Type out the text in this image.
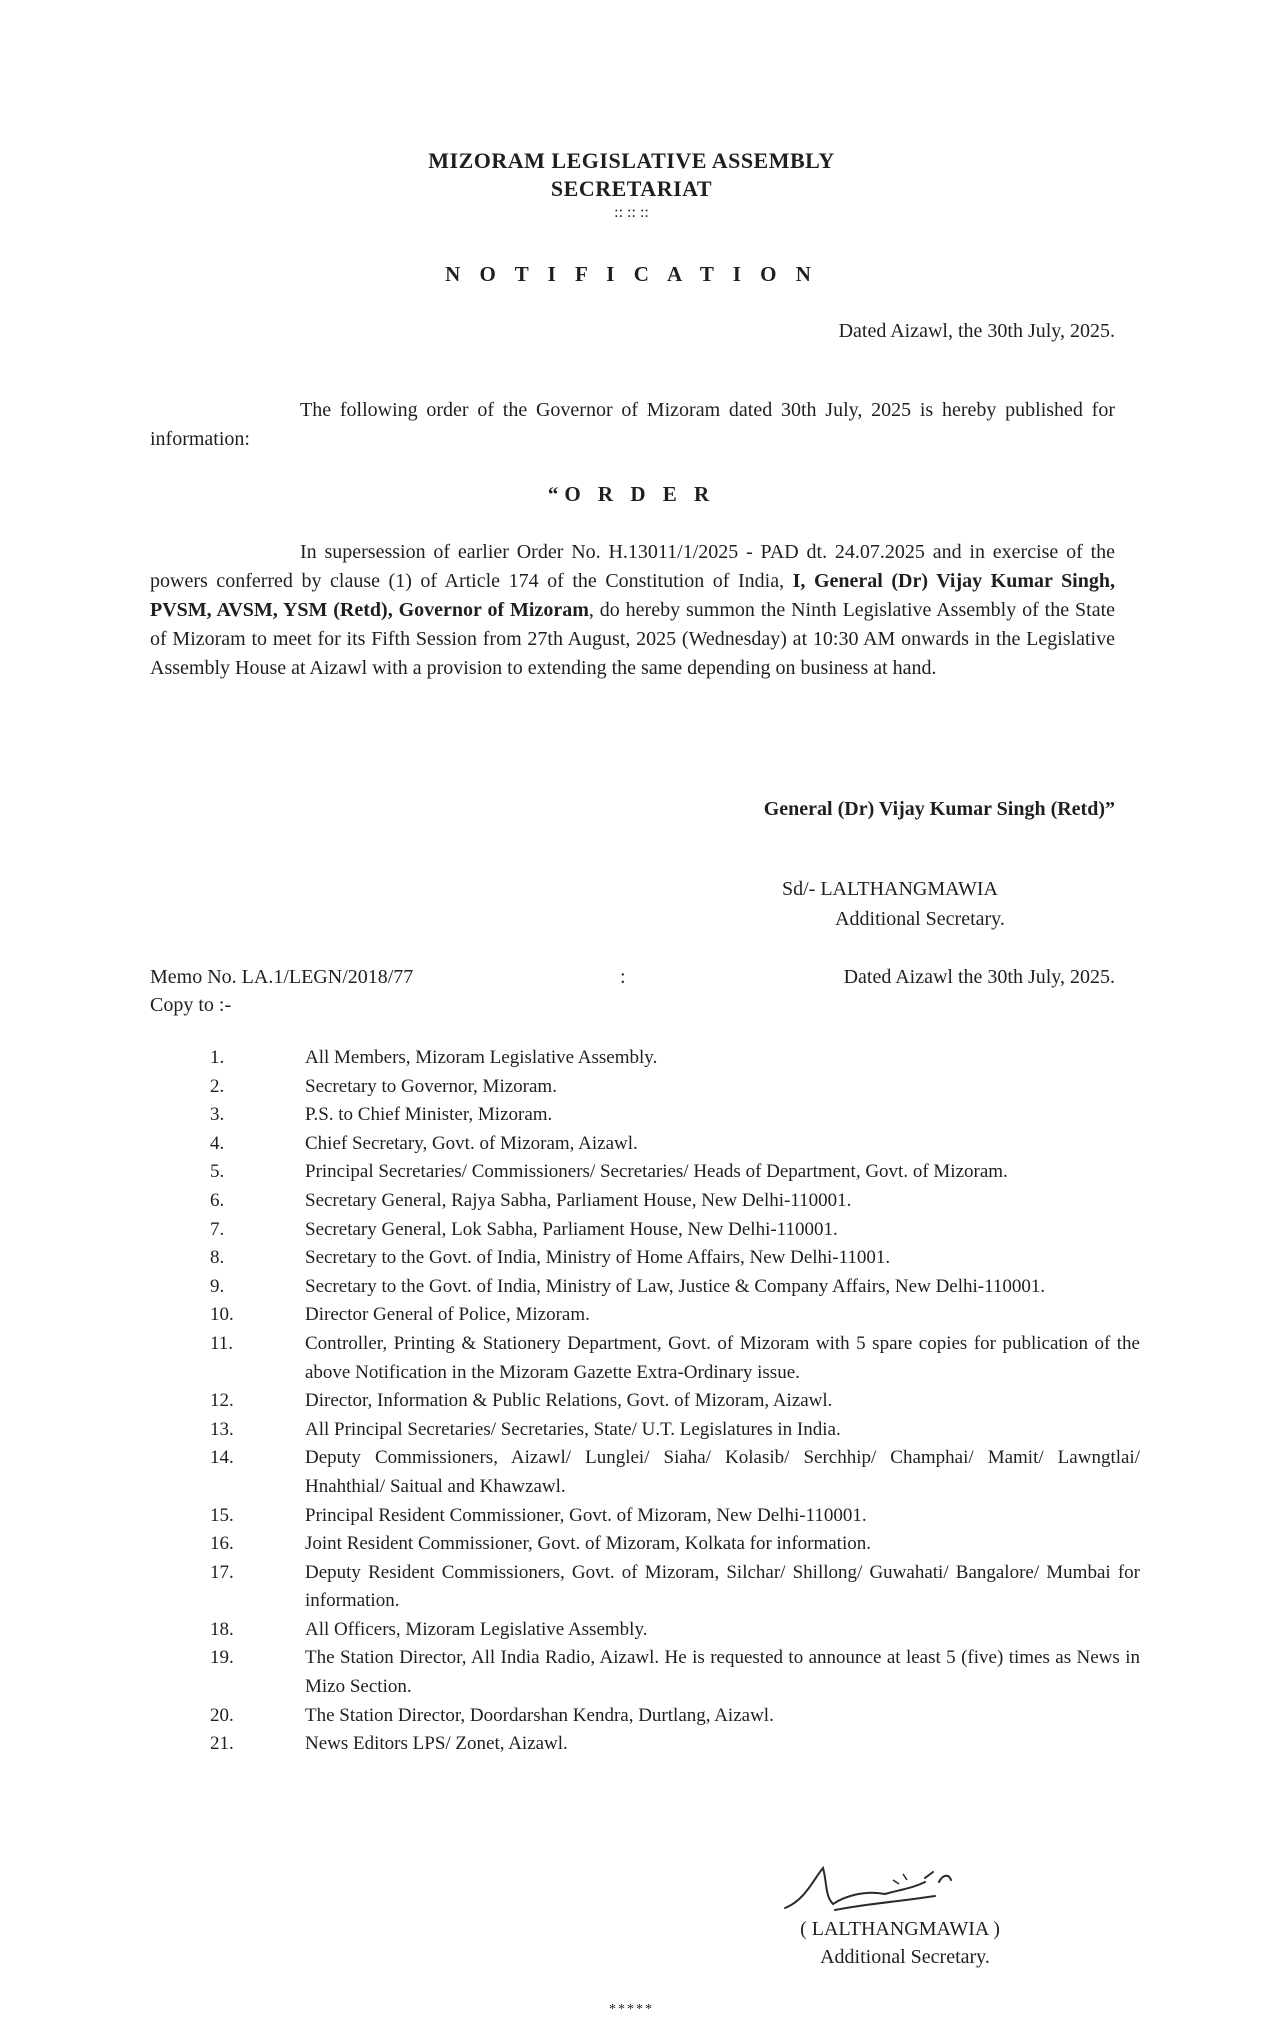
MIZORAM LEGISLATIVE ASSEMBLY
SECRETARIAT
:: :: ::
N O T I F I C A T I O N
Dated Aizawl, the 30th July, 2025.
The following order of the Governor of Mizoram dated 30th July, 2025 is hereby published for information:
“O R D E R
In supersession of earlier Order No. H.13011/1/2025 - PAD dt. 24.07.2025 and in exercise of the powers conferred by clause (1) of Article 174 of the Constitution of India, I, General (Dr) Vijay Kumar Singh, PVSM, AVSM, YSM (Retd), Governor of Mizoram, do hereby summon the Ninth Legislative Assembly of the State of Mizoram to meet for its Fifth Session from 27th August, 2025 (Wednesday) at 10:30 AM onwards in the Legislative Assembly House at Aizawl with a provision to extending the same depending on business at hand.
General (Dr) Vijay Kumar Singh (Retd)”
Sd/- LALTHANGMAWIA
Additional Secretary.
Memo No. LA.1/LEGN/2018/77	:	Dated Aizawl the 30th July, 2025.
Copy to :-
1.	All Members, Mizoram Legislative Assembly.
2.	Secretary to Governor, Mizoram.
3.	P.S. to Chief Minister, Mizoram.
4.	Chief Secretary, Govt. of Mizoram, Aizawl.
5.	Principal Secretaries/ Commissioners/ Secretaries/ Heads of Department, Govt. of Mizoram.
6.	Secretary General, Rajya Sabha, Parliament House, New Delhi-110001.
7.	Secretary General, Lok Sabha, Parliament House, New Delhi-110001.
8.	Secretary to the Govt. of India, Ministry of Home Affairs, New Delhi-11001.
9.	Secretary to the Govt. of India, Ministry of Law, Justice & Company Affairs, New Delhi-110001.
10.	Director General of Police, Mizoram.
11.	Controller, Printing & Stationery Department, Govt. of Mizoram with 5 spare copies for publication of the above Notification in the Mizoram Gazette Extra-Ordinary issue.
12.	Director, Information & Public Relations, Govt. of Mizoram, Aizawl.
13.	All Principal Secretaries/ Secretaries, State/ U.T. Legislatures in India.
14.	Deputy Commissioners, Aizawl/ Lunglei/ Siaha/ Kolasib/ Serchhip/ Champhai/ Mamit/ Lawngtlai/ Hnahthial/ Saitual and Khawzawl.
15.	Principal Resident Commissioner, Govt. of Mizoram, New Delhi-110001.
16.	Joint Resident Commissioner, Govt. of Mizoram, Kolkata for information.
17.	Deputy Resident Commissioners, Govt. of Mizoram, Silchar/ Shillong/ Guwahati/ Bangalore/ Mumbai for information.
18.	All Officers, Mizoram Legislative Assembly.
19.	The Station Director, All India Radio, Aizawl. He is requested to announce at least 5 (five) times as News in Mizo Section.
20.	The Station Director, Doordarshan Kendra, Durtlang, Aizawl.
21.	News Editors LPS/ Zonet, Aizawl.
( LALTHANGMAWIA )
Additional Secretary.
*****
